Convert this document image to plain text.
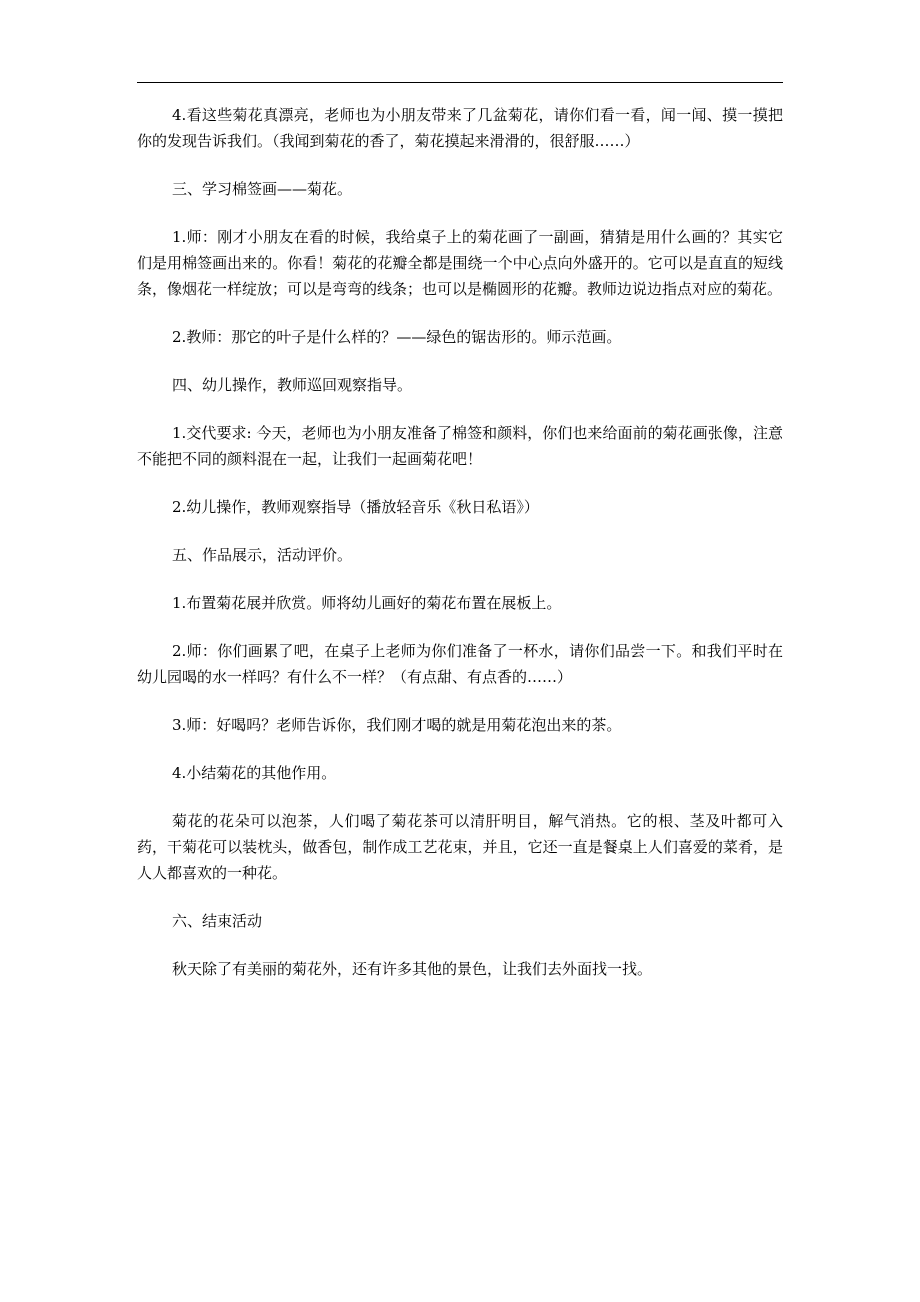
4.看这些菊花真漂亮，老师也为小朋友带来了几盆菊花，请你们看一看，闻一闻、摸一摸把你的发现告诉我们。（我闻到菊花的香了，菊花摸起来滑滑的，很舒服……）

三、学习棉签画——菊花。

1.师：刚才小朋友在看的时候，我给桌子上的菊花画了一副画，猜猜是用什么画的？其实它们是用棉签画出来的。你看！菊花的花瓣全都是围绕一个中心点向外盛开的。它可以是直直的短线条，像烟花一样绽放；可以是弯弯的线条；也可以是椭圆形的花瓣。教师边说边指点对应的菊花。

2.教师：那它的叶子是什么样的？——绿色的锯齿形的。师示范画。

四、幼儿操作，教师巡回观察指导。

1.交代要求: 今天，老师也为小朋友准备了棉签和颜料，你们也来给面前的菊花画张像，注意不能把不同的颜料混在一起，让我们一起画菊花吧！

2.幼儿操作，教师观察指导（播放轻音乐《秋日私语》）

五、作品展示，活动评价。

1.布置菊花展并欣赏。师将幼儿画好的菊花布置在展板上。

2.师：你们画累了吧，在桌子上老师为你们准备了一杯水，请你们品尝一下。和我们平时在幼儿园喝的水一样吗？有什么不一样？（有点甜、有点香的……）

3.师：好喝吗？老师告诉你，我们刚才喝的就是用菊花泡出来的茶。

4.小结菊花的其他作用。

菊花的花朵可以泡茶，人们喝了菊花茶可以清肝明目，解气消热。它的根、茎及叶都可入药，干菊花可以装枕头，做香包，制作成工艺花束，并且，它还一直是餐桌上人们喜爱的菜肴，是人人都喜欢的一种花。

六、结束活动

秋天除了有美丽的菊花外，还有许多其他的景色，让我们去外面找一找。
